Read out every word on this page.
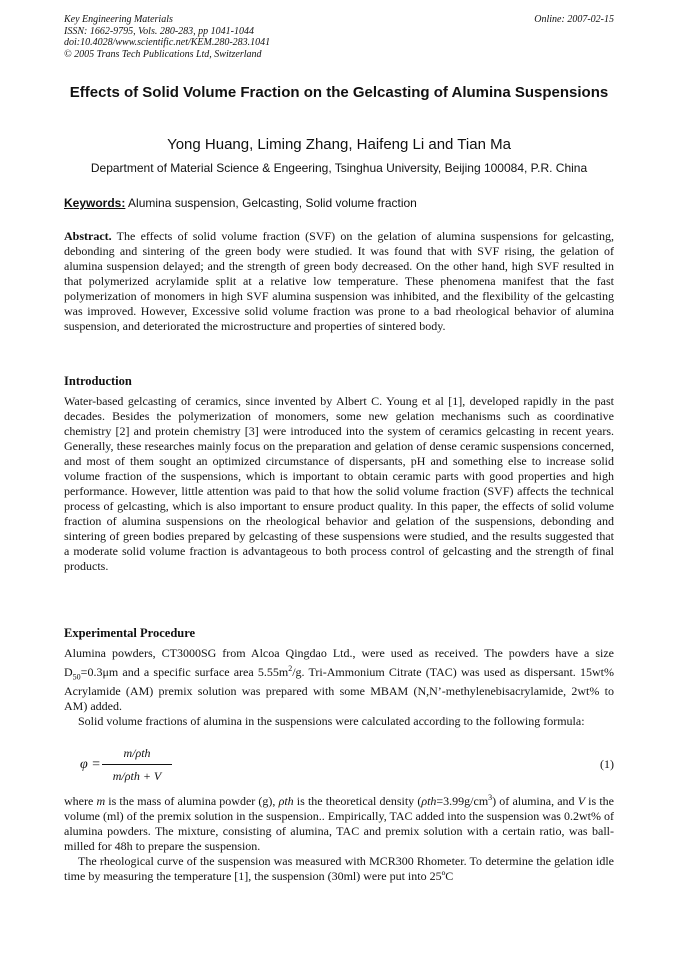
Key Engineering Materials
ISSN: 1662-9795, Vols. 280-283, pp 1041-1044
doi:10.4028/www.scientific.net/KEM.280-283.1041
© 2005 Trans Tech Publications Ltd, Switzerland
Online: 2007-02-15
Effects of Solid Volume Fraction on the Gelcasting of Alumina Suspensions
Yong Huang, Liming Zhang, Haifeng Li and Tian Ma
Department of Material Science & Engeering, Tsinghua University, Beijing 100084, P.R. China
Keywords: Alumina suspension, Gelcasting, Solid volume fraction

Abstract. The effects of solid volume fraction (SVF) on the gelation of alumina suspensions for gelcasting, debonding and sintering of the green body were studied. It was found that with SVF rising, the gelation of alumina suspension delayed; and the strength of green body decreased. On the other hand, high SVF resulted in that polymerized acrylamide split at a relative low temperature. These phenomena manifest that the fast polymerization of monomers in high SVF alumina suspension was inhibited, and the flexibility of the gelcasting was improved. However, Excessive solid volume fraction was prone to a bad rheological behavior of alumina suspension, and deteriorated the microstructure and properties of sintered body.

Introduction

Water-based gelcasting of ceramics, since invented by Albert C. Young et al [1], developed rapidly in the past decades. Besides the polymerization of monomers, some new gelation mechanisms such as coordinative chemistry [2] and protein chemistry [3] were introduced into the system of ceramics gelcasting in recent years. Generally, these researches mainly focus on the preparation and gelation of dense ceramic suspensions concerned, and most of them sought an optimized circumstance of dispersants, pH and something else to increase solid volume fraction of the suspensions, which is important to obtain ceramic parts with good properties and high performance. However, little attention was paid to that how the solid volume fraction (SVF) affects the technical process of gelcasting, which is also important to ensure product quality. In this paper, the effects of solid volume fraction of alumina suspensions on the rheological behavior and gelation of the suspensions, debonding and sintering of green bodies prepared by gelcasting of these suspensions were studied, and the results suggested that a moderate solid volume fraction is advantageous to both process control of gelcasting and the strength of final products.

Experimental Procedure

Alumina powders, CT3000SG from Alcoa Qingdao Ltd., were used as received. The powders have a size $D_{50}=0.3\mu m$ and a specific surface area $5.55m^2/g$. Tri-Ammonium Citrate (TAC) was used as dispersant. 15wt% Acrylamide (AM) premix solution was prepared with some MBAM (N,N’-methylenebisacrylamide, 2wt% to AM) added.

Solid volume fractions of alumina in the suspensions were calculated according to the following formula:

φ =
m/ρth
m/ρth + V
(1)

where m is the mass of alumina powder (g), ρth is the theoretical density $(\rho th=3.99g/cm^3)$ of alumina, and V is the volume (ml) of the premix solution in the suspension.. Empirically, TAC added into the suspension was 0.2wt% of alumina powders. The mixture, consisting of alumina, TAC and premix solution with a certain ratio, was ball-milled for 48h to prepare the suspension.

The rheological curve of the suspension was measured with MCR300 Rhometer. To determine the gelation idle time by measuring the temperature [1], the suspension (30ml) were put into 25ºC
